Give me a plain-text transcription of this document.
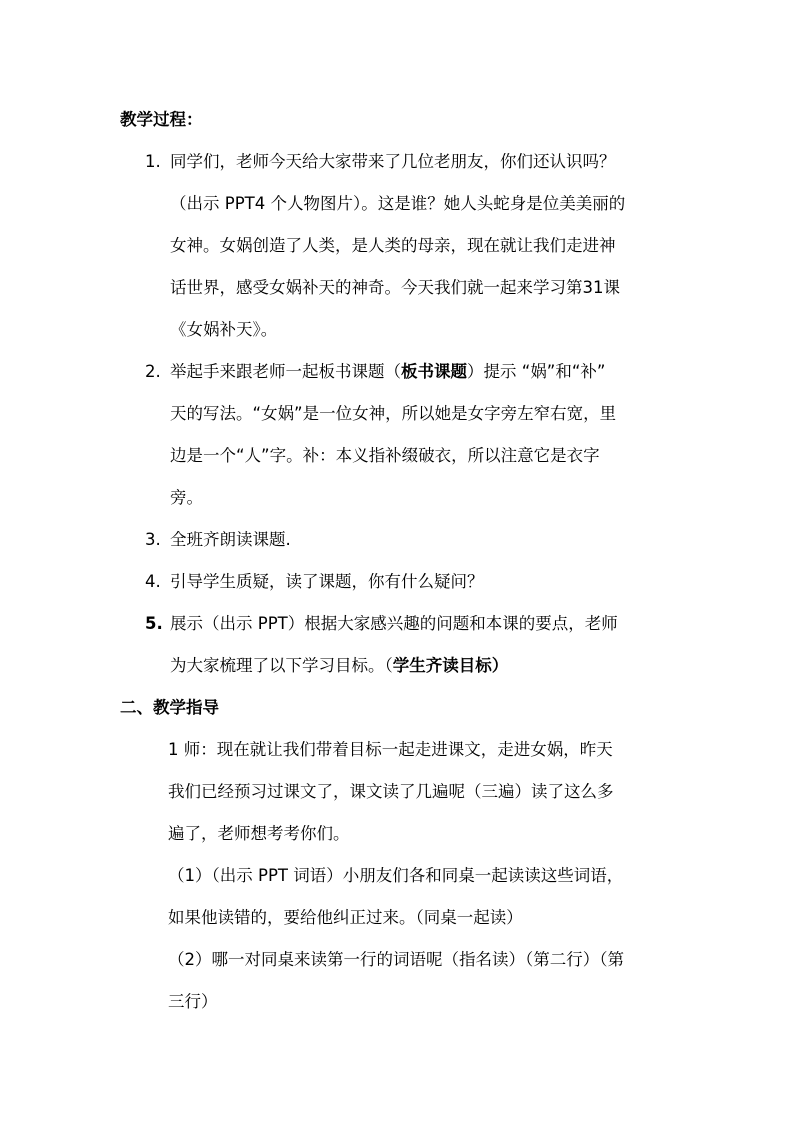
教学过程：
1. 同学们，老师今天给大家带来了几位老朋友，你们还认识吗？
（出示 PPT4 个人物图片）。这是谁？她人头蛇身是位美美丽的
女神。女娲创造了人类，是人类的母亲，现在就让我们走进神
话世界，感受女娲补天的神奇。今天我们就一起来学习第31课
《女娲补天》。
2. 举起手来跟老师一起板书课题（板书课题）提示 “娲”和“补”
天的写法。“女娲”是一位女神，所以她是女字旁左窄右宽，里
边是一个“人”字。补：本义指补缀破衣，所以注意它是衣字
旁。
3. 全班齐朗读课题.
4. 引导学生质疑，读了课题，你有什么疑问？
5. 展示（出示 PPT）根据大家感兴趣的问题和本课的要点，老师
为大家梳理了以下学习目标。（学生齐读目标）
二、教学指导
1 师：现在就让我们带着目标一起走进课文，走进女娲，昨天
我们已经预习过课文了，课文读了几遍呢（三遍）读了这么多
遍了，老师想考考你们。
（1）（出示 PPT 词语）小朋友们各和同桌一起读读这些词语，
如果他读错的，要给他纠正过来。（同桌一起读）
（2）哪一对同桌来读第一行的词语呢（指名读）（第二行）（第
三行）
